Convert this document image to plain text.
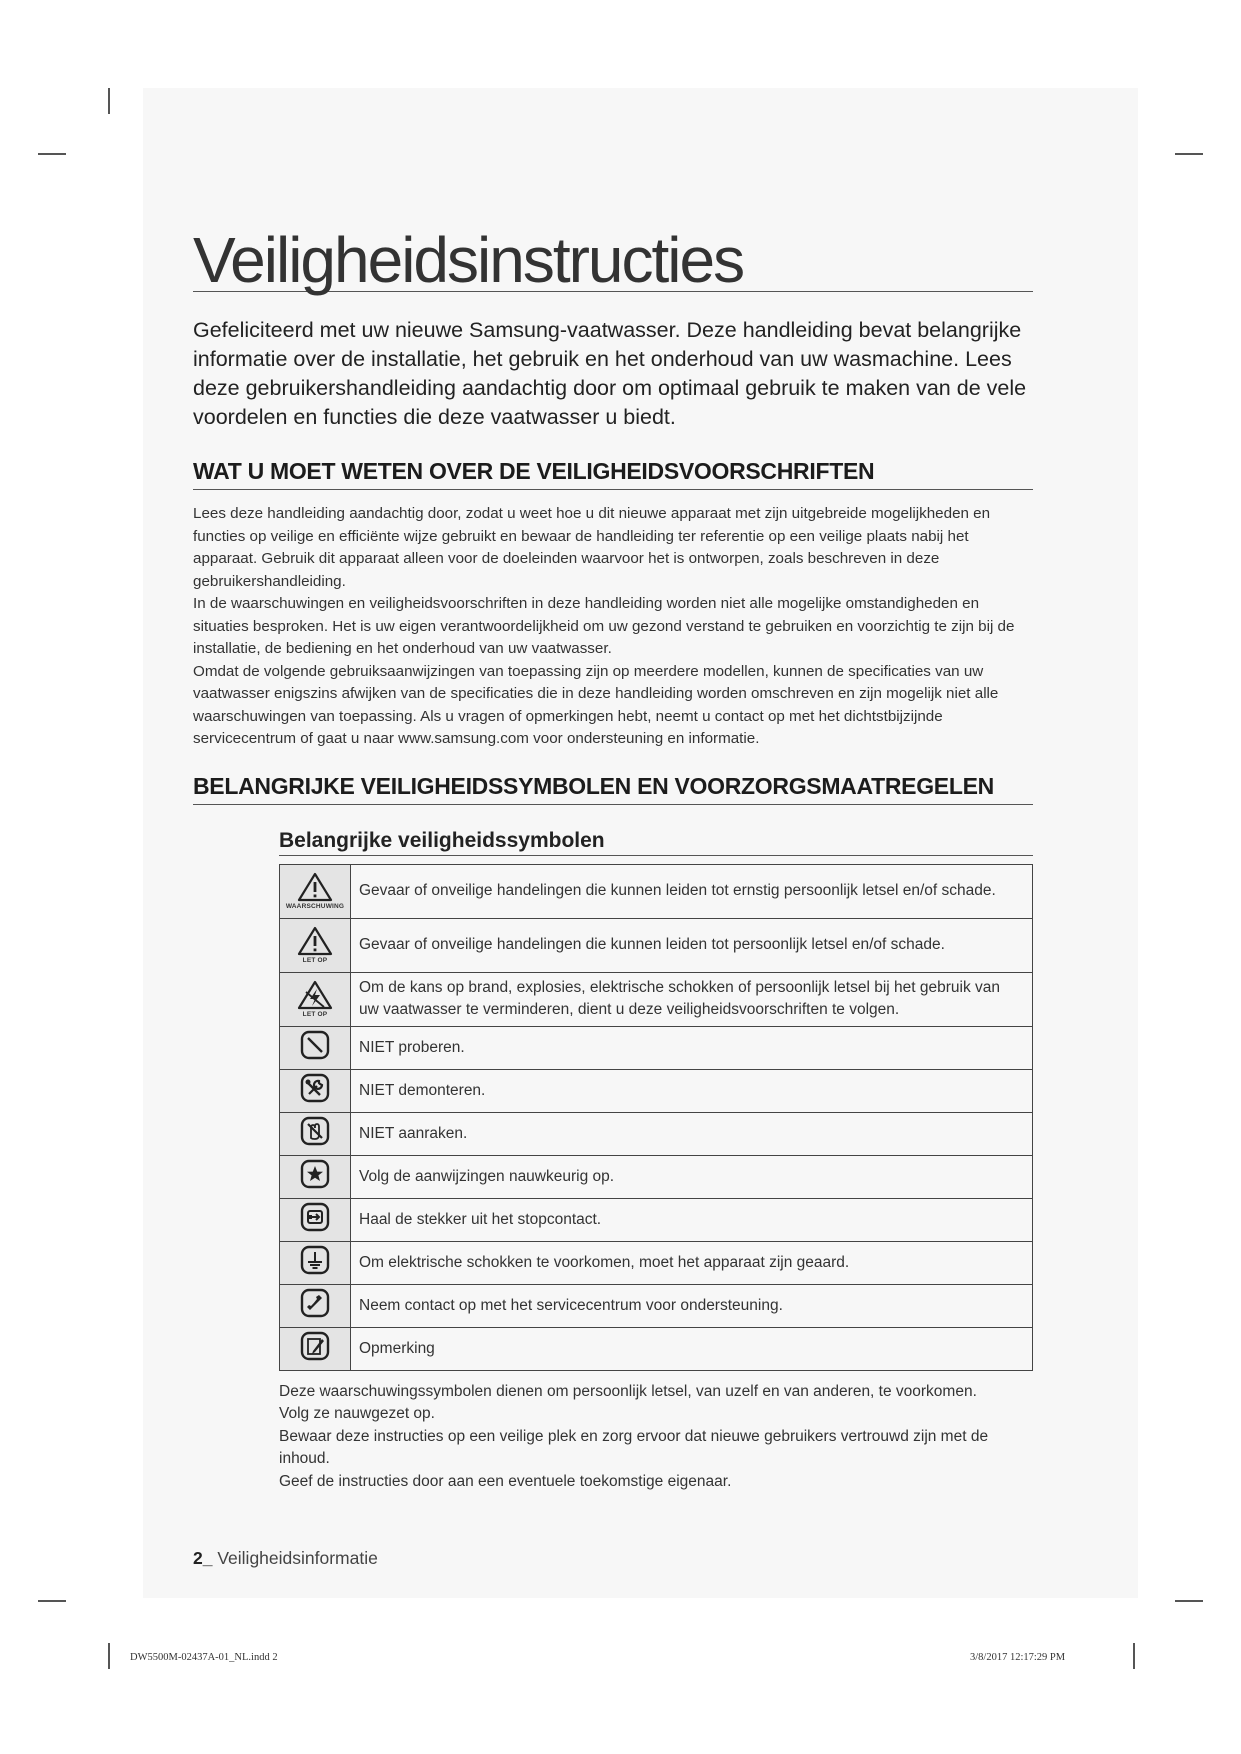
Veiligheidsinstructies

Gefeliciteerd met uw nieuwe Samsung-vaatwasser. Deze handleiding bevat belangrijke informatie over de installatie, het gebruik en het onderhoud van uw wasmachine. Lees deze gebruikershandleiding aandachtig door om optimaal gebruik te maken van de vele voordelen en functies die deze vaatwasser u biedt.

WAT U MOET WETEN OVER DE VEILIGHEIDSVOORSCHRIFTEN

Lees deze handleiding aandachtig door, zodat u weet hoe u dit nieuwe apparaat met zijn uitgebreide mogelijkheden en functies op veilige en efficiënte wijze gebruikt en bewaar de handleiding ter referentie op een veilige plaats nabij het apparaat. Gebruik dit apparaat alleen voor de doeleinden waarvoor het is ontworpen, zoals beschreven in deze gebruikershandleiding.

In de waarschuwingen en veiligheidsvoorschriften in deze handleiding worden niet alle mogelijke omstandigheden en situaties besproken. Het is uw eigen verantwoordelijkheid om uw gezond verstand te gebruiken en voorzichtig te zijn bij de installatie, de bediening en het onderhoud van uw vaatwasser.

Omdat de volgende gebruiksaanwijzingen van toepassing zijn op meerdere modellen, kunnen de specificaties van uw vaatwasser enigszins afwijken van de specificaties die in deze handleiding worden omschreven en zijn mogelijk niet alle waarschuwingen van toepassing. Als u vragen of opmerkingen hebt, neemt u contact op met het dichtstbijzijnde servicecentrum of gaat u naar www.samsung.com voor ondersteuning en informatie.

BELANGRIJKE VEILIGHEIDSSYMBOLEN EN VOORZORGSMAATREGELEN
Belangrijke veiligheidssymbolen
WAARSCHUWING	Gevaar of onveilige handelingen die kunnen leiden tot ernstig persoonlijk letsel en/of schade.

LET OP	Gevaar of onveilige handelingen die kunnen leiden tot persoonlijk letsel en/of schade.

LET OP	Om de kans op brand, explosies, elektrische schokken of persoonlijk letsel bij het gebruik van uw vaatwasser te verminderen, dient u deze veiligheidsvoorschriften te volgen.
	NIET proberen.
	NIET demonteren.
	NIET aanraken.
	Volg de aanwijzingen nauwkeurig op.
	Haal de stekker uit het stopcontact.
	Om elektrische schokken te voorkomen, moet het apparaat zijn geaard.
	Neem contact op met het servicecentrum voor ondersteuning.
	Opmerking

Deze waarschuwingssymbolen dienen om persoonlijk letsel, van uzelf en van anderen, te voorkomen.

Volg ze nauwgezet op.

Bewaar deze instructies op een veilige plek en zorg ervoor dat nieuwe gebruikers vertrouwd zijn met de inhoud.

Geef de instructies door aan een eventuele toekomstige eigenaar.

2_ Veiligheidsinformatie
DW5500M-02437A-01_NL.indd 2	3/8/2017 12:17:29 PM
